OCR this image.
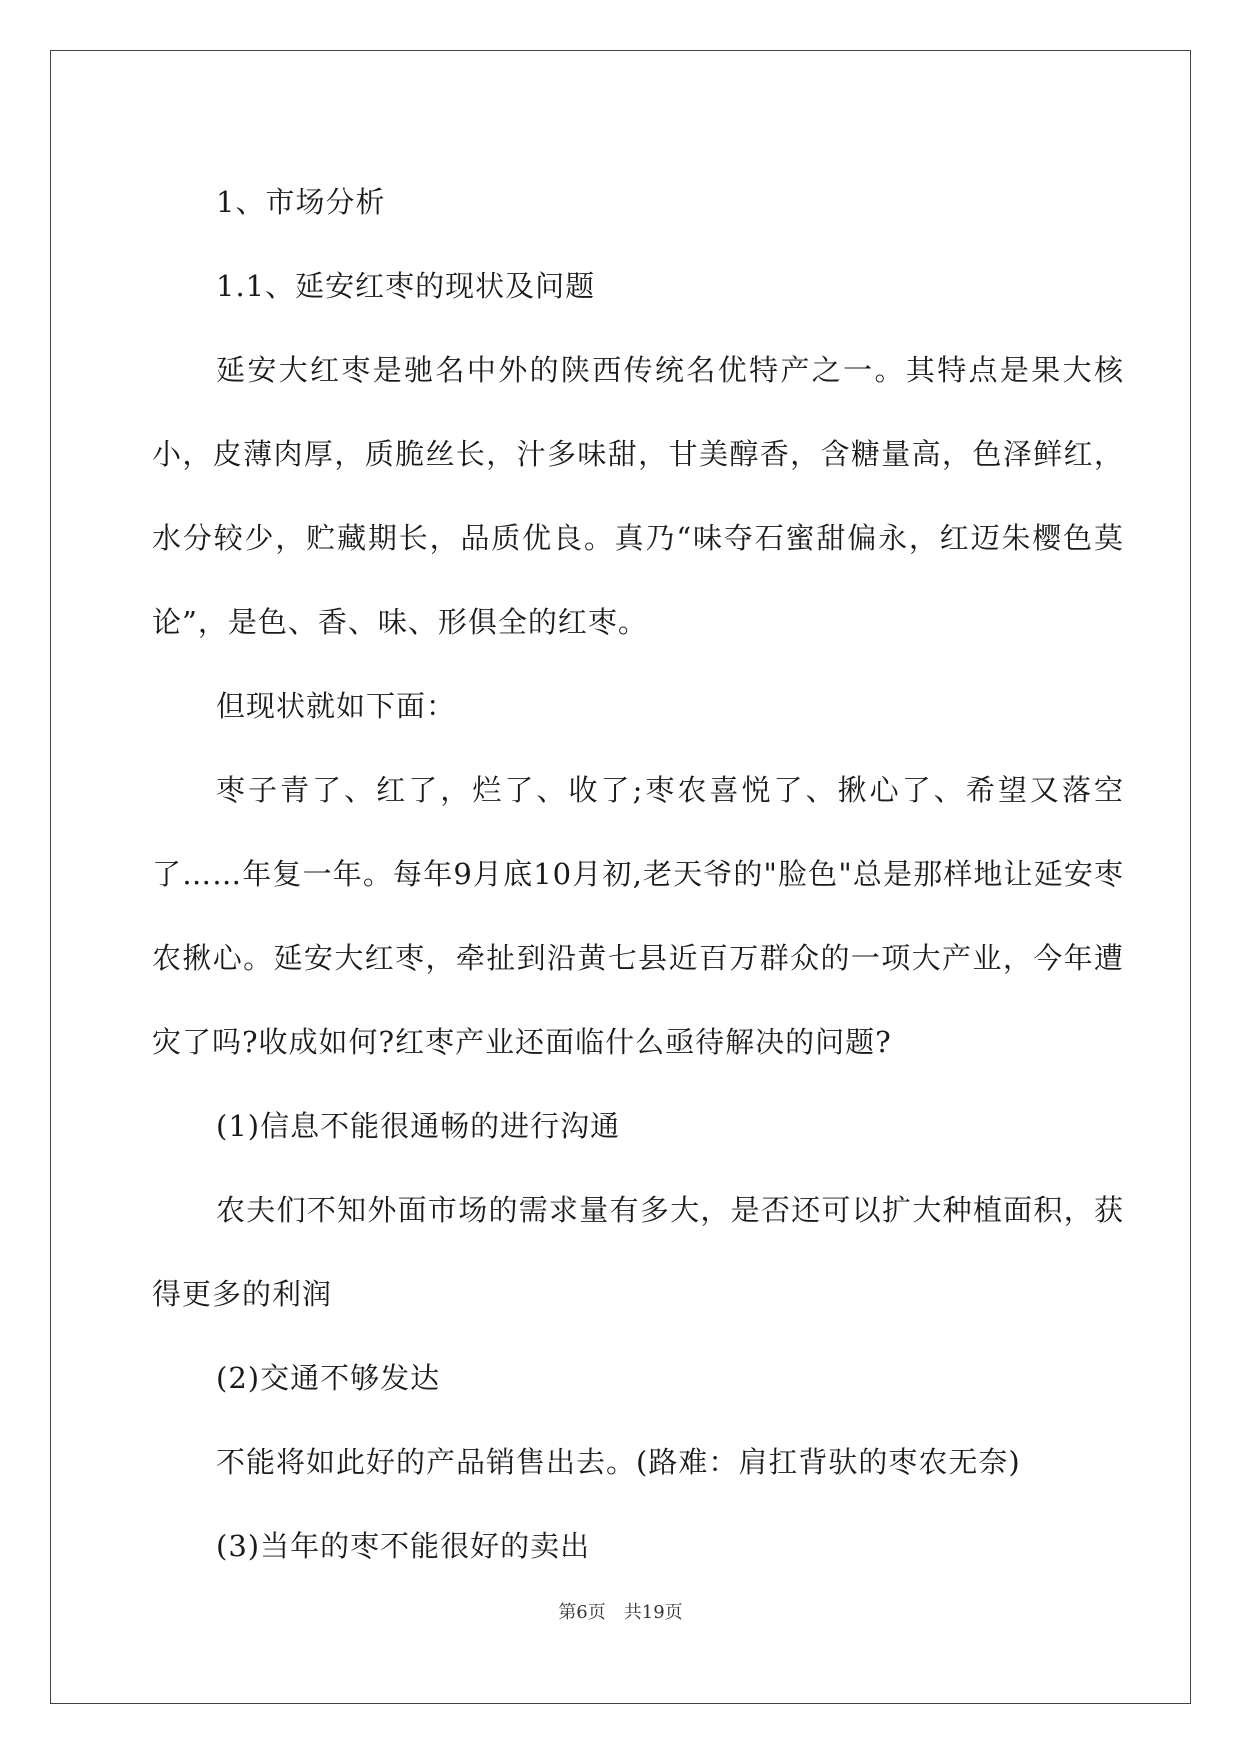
1、市场分析

1.1、延安红枣的现状及问题

延安大红枣是驰名中外的陕西传统名优特产之一。其特点是果大核小，皮薄肉厚，质脆丝长，汁多味甜，甘美醇香，含糖量高，色泽鲜红，水分较少，贮藏期长，品质优良。真乃“味夺石蜜甜偏永，红迈朱樱色莫论”，是色、香、味、形俱全的红枣。

但现状就如下面：

枣子青了、红了，烂了、收了;枣农喜悦了、揪心了、希望又落空了……年复一年。每年9月底10月初,老天爷的"脸色"总是那样地让延安枣农揪心。延安大红枣，牵扯到沿黄七县近百万群众的一项大产业，今年遭灾了吗?收成如何?红枣产业还面临什么亟待解决的问题?

(1)信息不能很通畅的进行沟通

农夫们不知外面市场的需求量有多大，是否还可以扩大种植面积，获得更多的利润

(2)交通不够发达

不能将如此好的产品销售出去。(路难：肩扛背驮的枣农无奈)

(3)当年的枣不能很好的卖出

第6页　共19页
